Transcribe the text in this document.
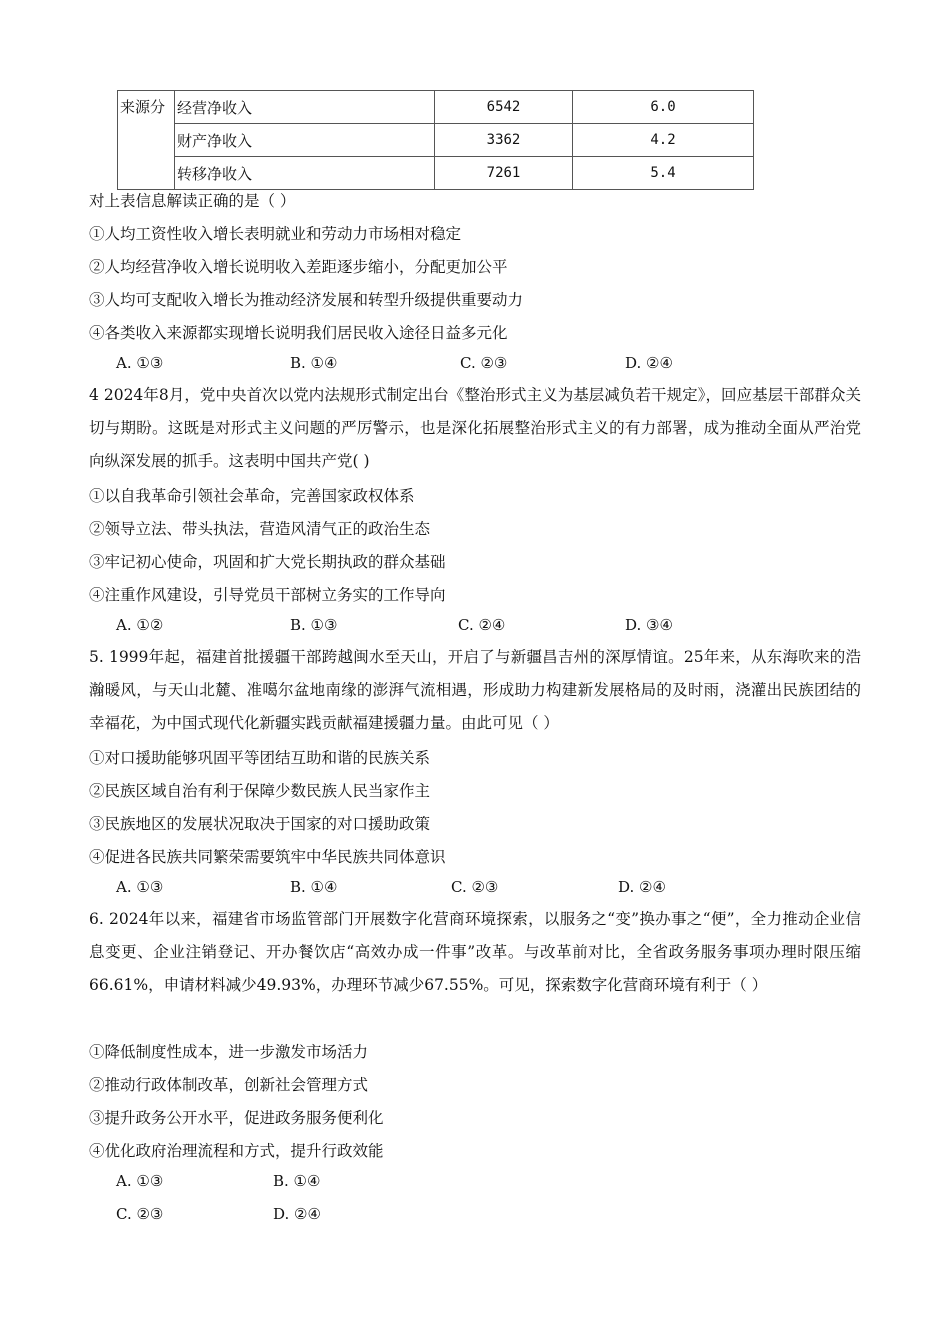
来源分	经营净收入	6542	6.0
	财产净收入	3362	4.2
	转移净收入	7261	5.4
对上表信息解读正确的是（ ）
①人均工资性收入增长表明就业和劳动力市场相对稳定
②人均经营净收入增长说明收入差距逐步缩小，分配更加公平
③人均可支配收入增长为推动经济发展和转型升级提供重要动力
④各类收入来源都实现增长说明我们居民收入途径日益多元化
A. ①③	B. ①④	C. ②③	D. ②④
4 2024年8月，党中央首次以党内法规形式制定出台《整治形式主义为基层减负若干规定》，回应基层干部群众关切与期盼。这既是对形式主义问题的严厉警示，也是深化拓展整治形式主义的有力部署，成为推动全面从严治党向纵深发展的抓手。这表明中国共产党( )
①以自我革命引领社会革命，完善国家政权体系
②领导立法、带头执法，营造风清气正的政治生态
③牢记初心使命，巩固和扩大党长期执政的群众基础
④注重作风建设，引导党员干部树立务实的工作导向
A. ①②	B. ①③	C. ②④	D. ③④
5. 1999年起，福建首批援疆干部跨越闽水至天山，开启了与新疆昌吉州的深厚情谊。25年来，从东海吹来的浩瀚暖风，与天山北麓、准噶尔盆地南缘的澎湃气流相遇，形成助力构建新发展格局的及时雨，浇灌出民族团结的幸福花，为中国式现代化新疆实践贡献福建援疆力量。由此可见（ ）
①对口援助能够巩固平等团结互助和谐的民族关系
②民族区域自治有利于保障少数民族人民当家作主
③民族地区的发展状况取决于国家的对口援助政策
④促进各民族共同繁荣需要筑牢中华民族共同体意识
A. ①③	B. ①④	C. ②③	D. ②④
6. 2024年以来，福建省市场监管部门开展数字化营商环境探索，以服务之“变”换办事之“便”，全力推动企业信息变更、企业注销登记、开办餐饮店“高效办成一件事”改革。与改革前对比，全省政务服务事项办理时限压缩66.61%，申请材料减少49.93%，办理环节减少67.55%。可见，探索数字化营商环境有利于（ ）
①降低制度性成本，进一步激发市场活力
②推动行政体制改革，创新社会管理方式
③提升政务公开水平，促进政务服务便利化
④优化政府治理流程和方式，提升行政效能
A. ①③	B. ①④
C. ②③	D. ②④
